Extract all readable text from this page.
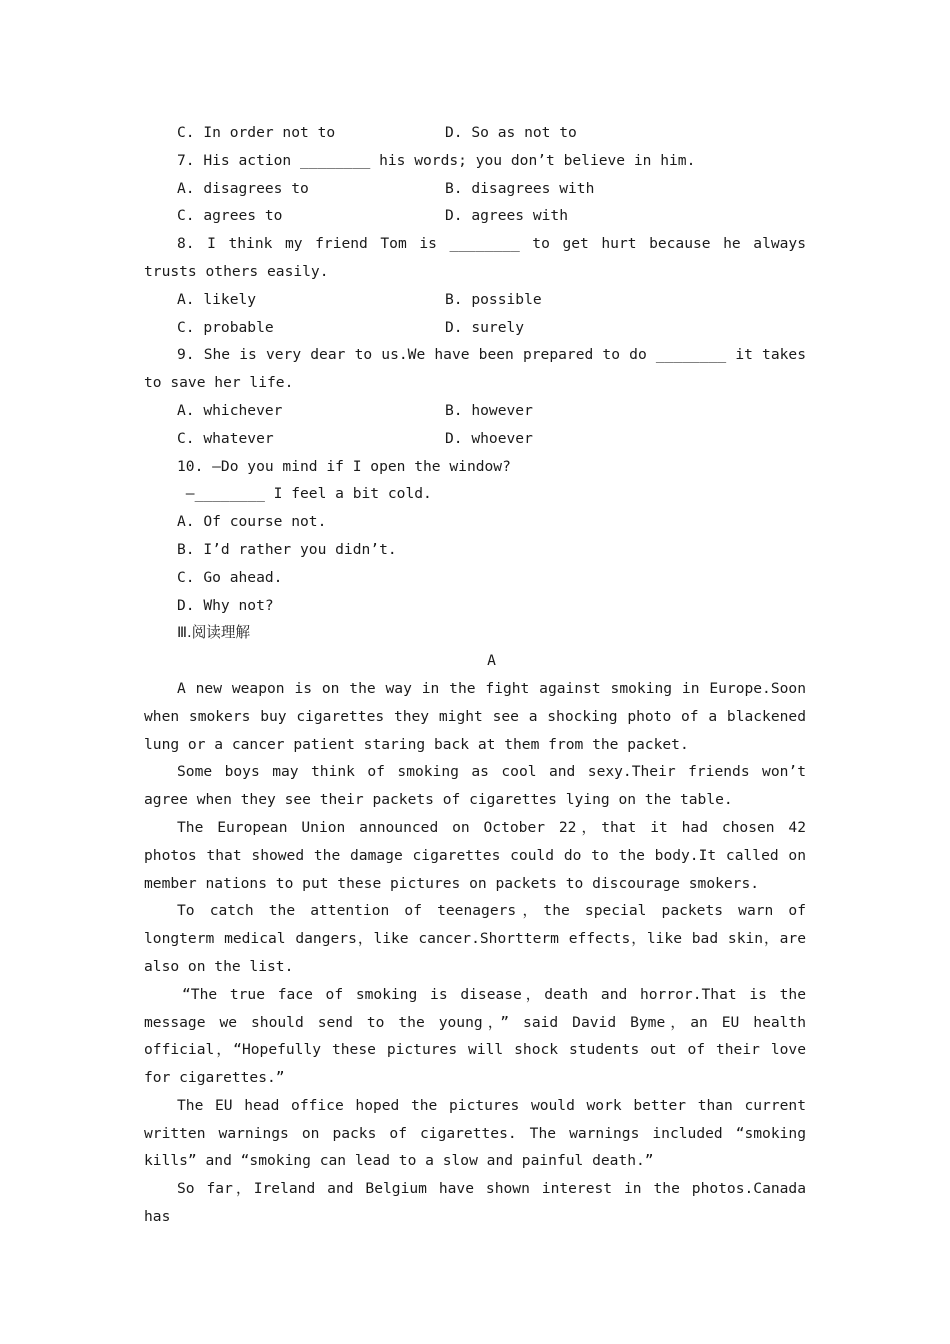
C. In order not to	D. So as not to

7. His action ________ his words; you don’t believe in him.

A. disagrees to	B. disagrees with
C. agrees to	D. agrees with

8. I think my friend Tom is ________ to get hurt because he always trusts others easily.

A. likely	B. possible
C. probable	D. surely

9. She is very dear to us.We have been prepared to do ________ it takes to save her life.

A. whichever	B. however
C. whatever	D. whoever

10. —Do you mind if I open the window?

—________ I feel a bit cold.

A. Of course not.

B. I’d rather you didn’t.

C. Go ahead.

D. Why not?

Ⅲ.阅读理解

A

A new weapon is on the way in the fight against smoking in Europe.Soon when smokers buy cigarettes they might see a shocking photo of a blackened lung or a cancer patient staring back at them from the packet.

Some boys may think of smoking as cool and sexy.Their friends won’t agree when they see their packets of cigarettes lying on the table.

The European Union announced on October 22，that it had chosen 42 photos that showed the damage cigarettes could do to the body.It called on member nations to put these pictures on packets to discourage smokers.

To catch the attention of teenagers，the special packets warn of longterm medical dangers，like cancer.Shortterm effects，like bad skin，are also on the list.

“The true face of smoking is disease，death and horror.That is the message we should send to the young，” said David Byme，an EU health official，“Hopefully these pictures will shock students out of their love for cigarettes.”

The EU head office hoped the pictures would work better than current written warnings on packs of cigarettes. The warnings included “smoking kills” and “smoking can lead to a slow and painful death.”

So far，Ireland and Belgium have shown interest in the photos.Canada has
